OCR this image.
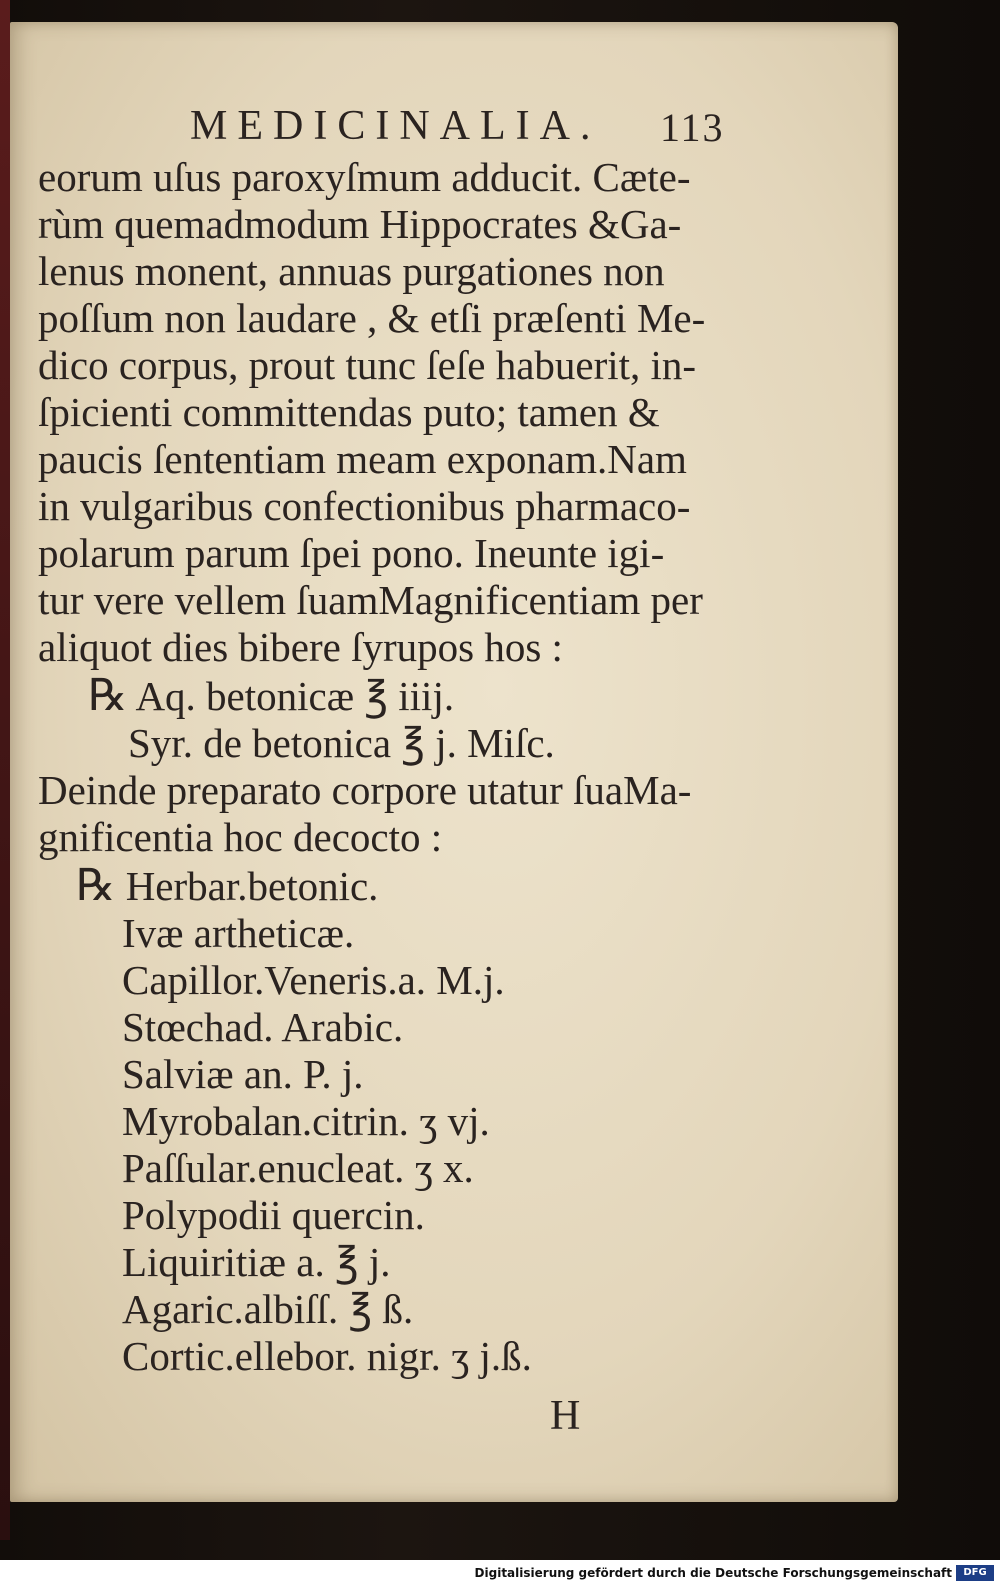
MEDICINALIA. 113
eorum uſus paroxyſmum adducit. Cæte-
rùm quemadmodum Hippocrates &Ga-
lenus monent, annuas purgationes non
poſſum non laudare , & etſi præſenti Me-
dico corpus, prout tunc ſeſe habuerit, in-
ſpicienti committendas puto; tamen &
paucis ſententiam meam exponam.Nam
in vulgaribus confectionibus pharmaco-
polarum parum ſpei pono. Ineunte igi-
tur vere vellem ſuamMagnificentiam per
aliquot dies bibere ſyrupos hos :
℞ Aq. betonicæ ℥ iiij.
Syr. de betonica ℥ j. Miſc.
Deinde preparato corpore utatur ſuaMa-
gnificentia hoc decocto :
℞ Herbar.betonic.
Ivæ artheticæ.
Capillor.Veneris.a. M.j.
Stœchad. Arabic.
Salviæ an. P. j.
Myrobalan.citrin. ʒ vj.
Paſſular.enucleat. ʒ x.
Polypodii quercin.
Liquiritiæ a. ℥ j.
Agaric.albiſſ. ℥ ß.
Cortic.ellebor. nigr. ʒ j.ß.
H
Digitalisierung gefördert durch die Deutsche Forschungsgemeinschaft	DFG
